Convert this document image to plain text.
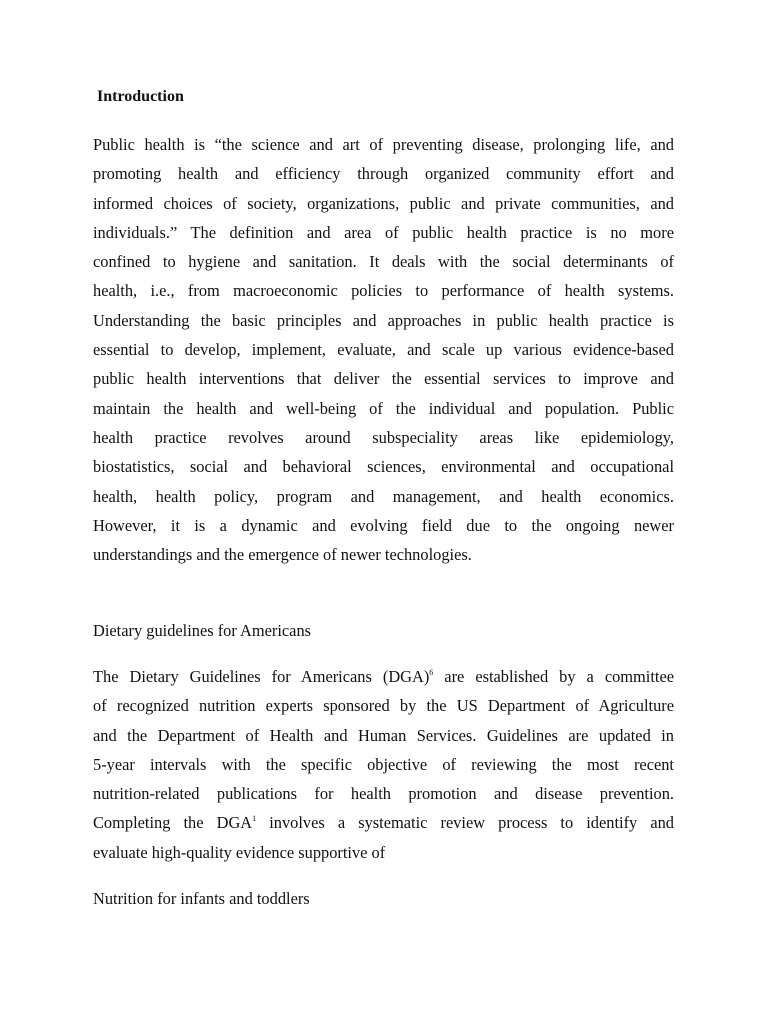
Introduction
Public health is “the science and art of preventing disease, prolonging life, and
promoting health and efficiency through organized community effort and
informed choices of society, organizations, public and private communities, and
individuals.” The definition and area of public health practice is no more
confined to hygiene and sanitation. It deals with the social determinants of
health, i.e., from macroeconomic policies to performance of health systems.
Understanding the basic principles and approaches in public health practice is
essential to develop, implement, evaluate, and scale up various evidence-based
public health interventions that deliver the essential services to improve and
maintain the health and well-being of the individual and population. Public
health practice revolves around subspeciality areas like epidemiology,
biostatistics, social and behavioral sciences, environmental and occupational
health, health policy, program and management, and health economics.
However, it is a dynamic and evolving field due to the ongoing newer
understandings and the emergence of newer technologies.
Dietary guidelines for Americans
The Dietary Guidelines for Americans (DGA)$^6$ are established by a committee
of recognized nutrition experts sponsored by the US Department of Agriculture
and the Department of Health and Human Services. Guidelines are updated in
5-year intervals with the specific objective of reviewing the most recent
nutrition-related publications for health promotion and disease prevention.
Completing the DGA$^1$ involves a systematic review process to identify and
evaluate high-quality evidence supportive of
Nutrition for infants and toddlers
